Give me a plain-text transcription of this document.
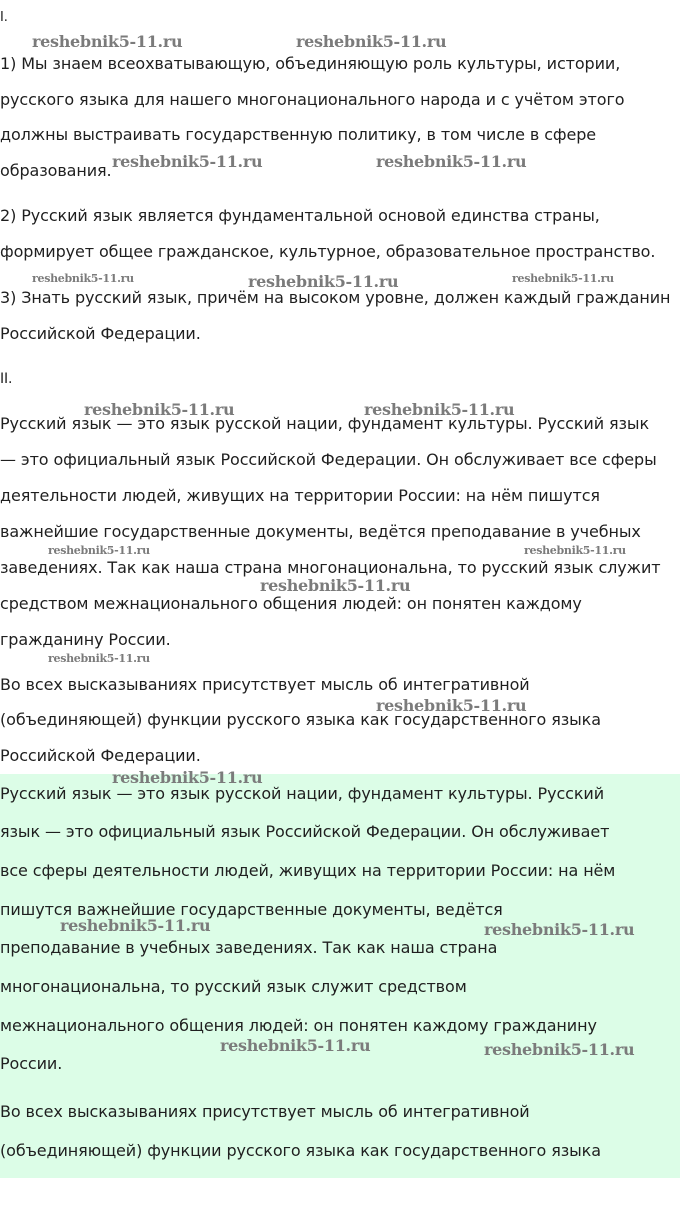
I.
1) Мы знаем всеохватывающую, объединяющую роль культуры, истории,
русского языка для нашего многонационального народа и с учётом этого
должны выстраивать государственную политику, в том числе в сфере
образования.
2) Русский язык является фундаментальной основой единства страны,
формирует общее гражданское, культурное, образовательное пространство.
3) Знать русский язык, причём на высоком уровне, должен каждый гражданин
Российской Федерации.
II.
Русский язык — это язык русской нации, фундамент культуры. Русский язык
— это официальный язык Российской Федерации. Он обслуживает все сферы
деятельности людей, живущих на территории России: на нём пишутся
важнейшие государственные документы, ведётся преподавание в учебных
заведениях. Так как наша страна многонациональна, то русский язык служит
средством межнационального общения людей: он понятен каждому
гражданину России.
Во всех высказываниях присутствует мысль об интегративной
(объединяющей) функции русского языка как государственного языка
Российской Федерации.
Русский язык — это язык русской нации, фундамент культуры. Русский
язык — это официальный язык Российской Федерации. Он обслуживает
все сферы деятельности людей, живущих на территории России: на нём
пишутся важнейшие государственные документы, ведётся
преподавание в учебных заведениях. Так как наша страна
многонациональна, то русский язык служит средством
межнационального общения людей: он понятен каждому гражданину
России.
Во всех высказываниях присутствует мысль об интегративной
(объединяющей) функции русского языка как государственного языка
reshebnik5-11.ru	reshebnik5-11.ru
reshebnik5-11.ru	reshebnik5-11.ru
reshebnik5-11.ru	reshebnik5-11.ru	reshebnik5-11.ru
reshebnik5-11.ru	reshebnik5-11.ru
reshebnik5-11.ru	reshebnik5-11.ru
reshebnik5-11.ru
reshebnik5-11.ru
reshebnik5-11.ru
reshebnik5-11.ru
reshebnik5-11.ru	reshebnik5-11.ru
reshebnik5-11.ru	reshebnik5-11.ru
